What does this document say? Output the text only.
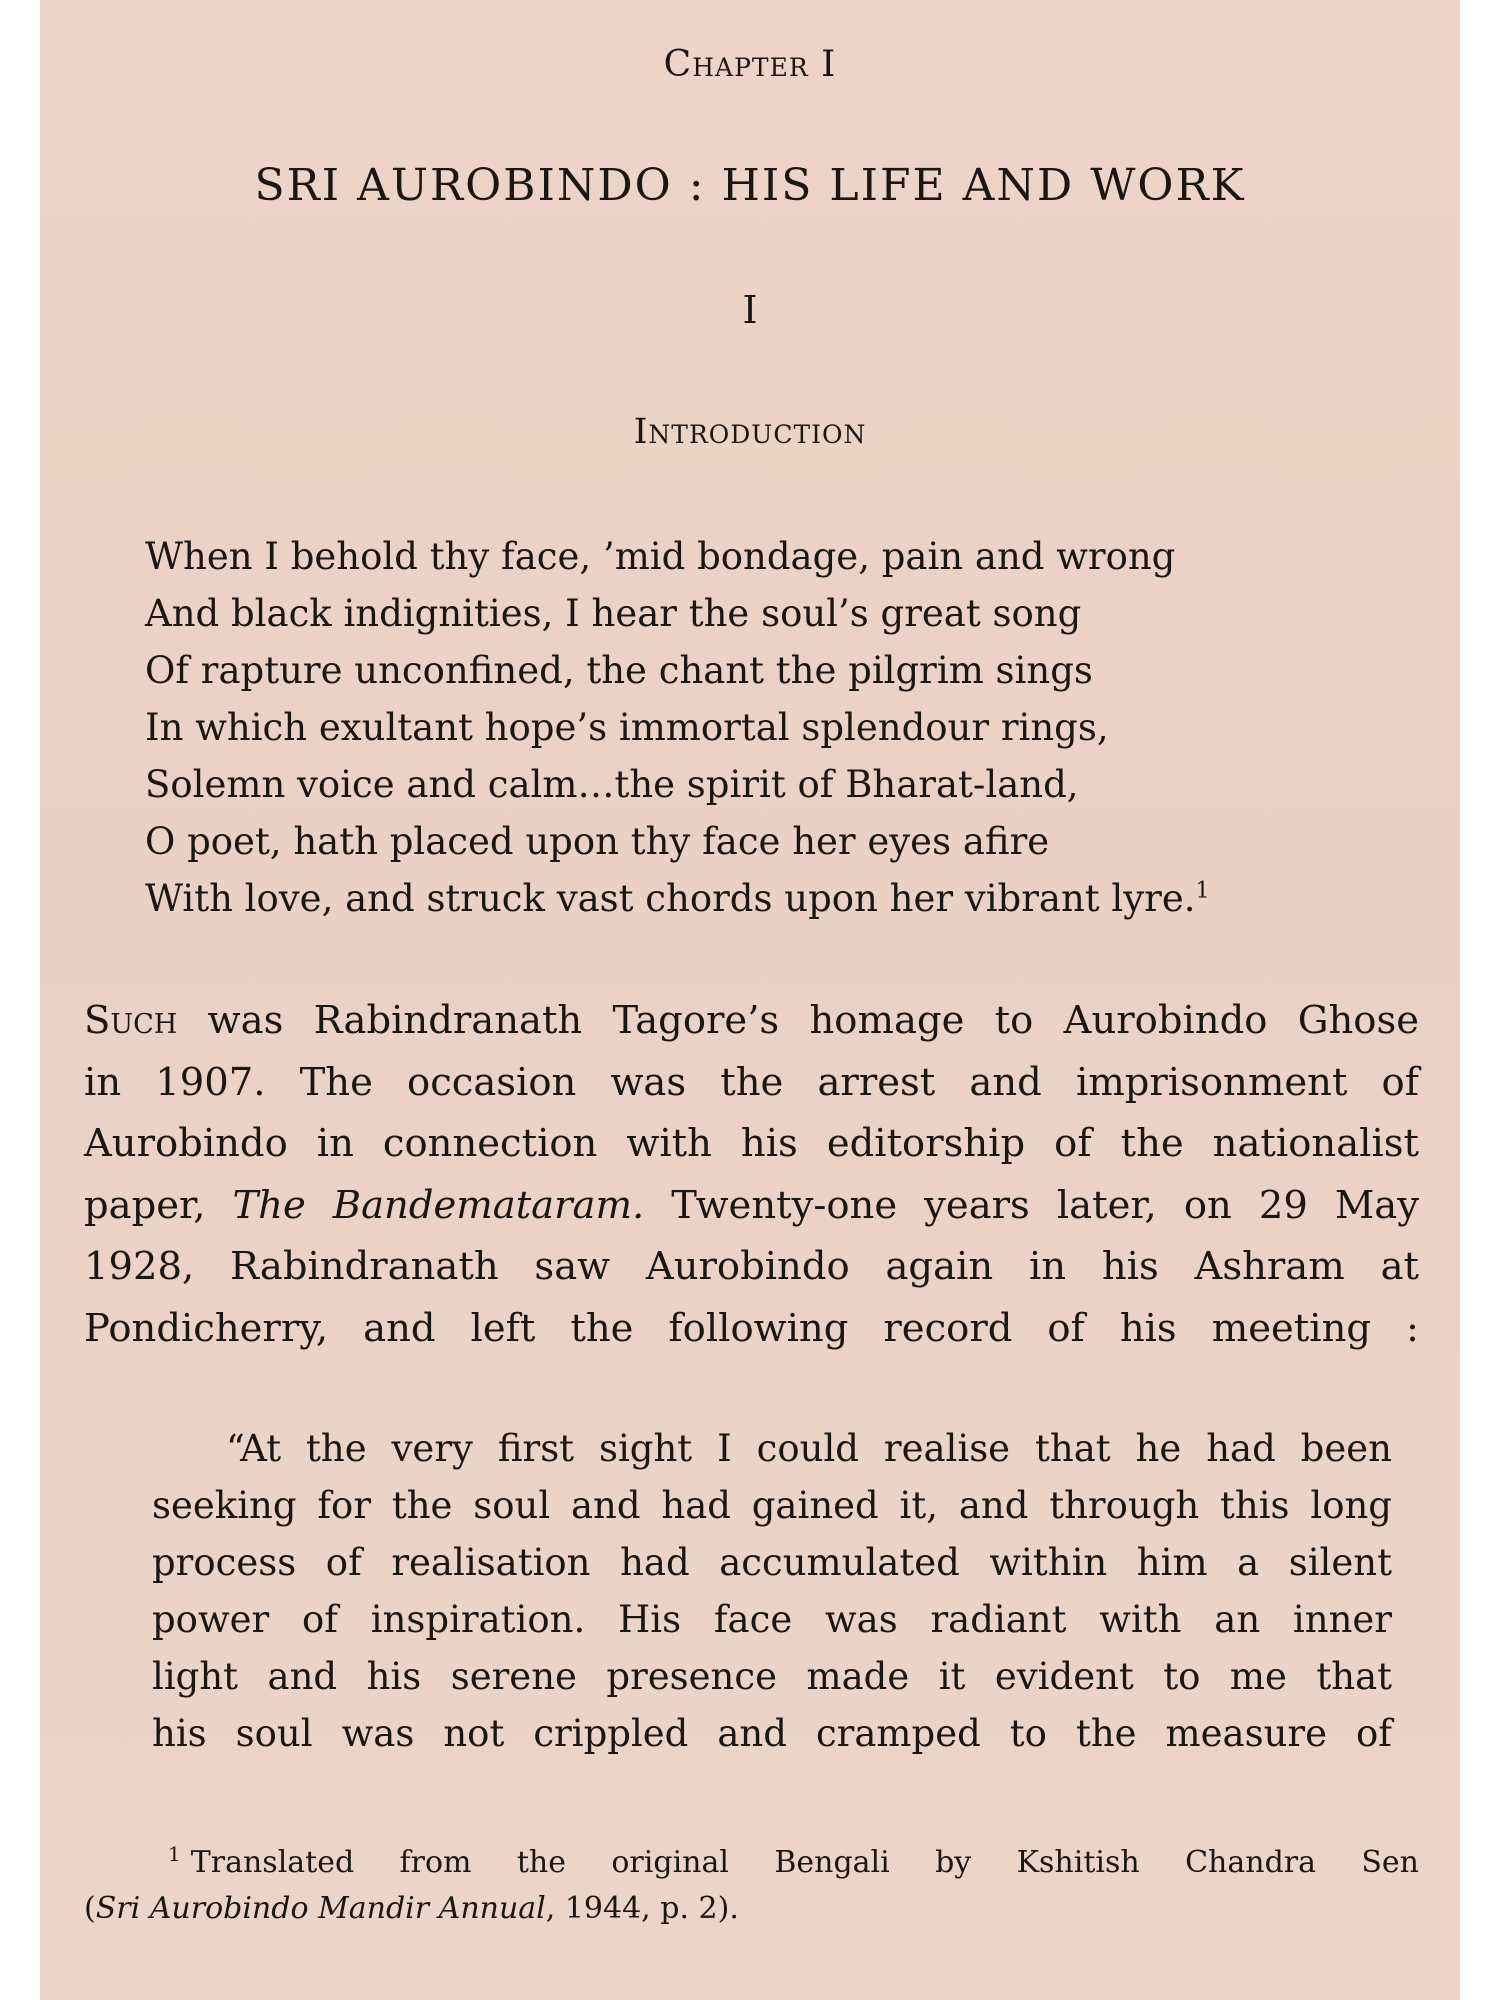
Chapter I
SRI AUROBINDO : HIS LIFE AND WORK
I
Introduction
When I behold thy face, ’mid bondage, pain and wrong
And black indignities, I hear the soul’s great song
Of rapture unconfined, the chant the pilgrim sings
In which exultant hope’s immortal splendour rings,
Solemn voice and calm…the spirit of Bharat-land,
O poet, hath placed upon thy face her eyes afire
With love, and struck vast chords upon her vibrant lyre.$^1$
Such was Rabindranath Tagore’s homage to Aurobindo Ghose
in 1907. The occasion was the arrest and imprisonment of
Aurobindo in connection with his editorship of the nationalist
paper, The Bandemataram. Twenty-one years later, on 29 May
1928, Rabindranath saw Aurobindo again in his Ashram at
Pondicherry, and left the following record of his meeting :
“At the very first sight I could realise that he had been
seeking for the soul and had gained it, and through this long
process of realisation had accumulated within him a silent
power of inspiration. His face was radiant with an inner
light and his serene presence made it evident to me that
his soul was not crippled and cramped to the measure of
$^1$ Translated from the original Bengali by Kshitish Chandra Sen
(Sri Aurobindo Mandir Annual, 1944, p. 2).
